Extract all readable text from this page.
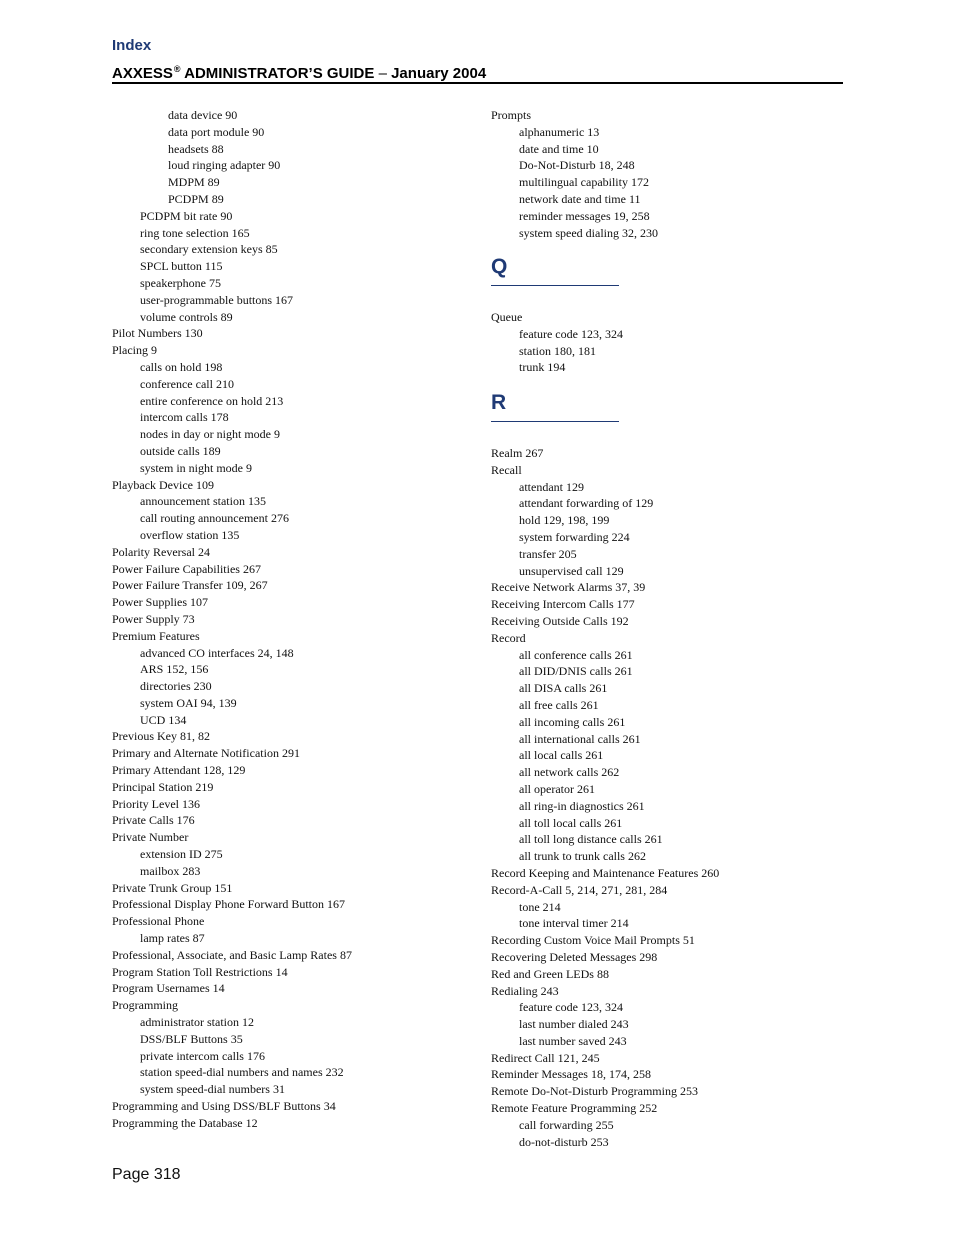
Index
AXXESS® ADMINISTRATOR’S GUIDE – January 2004
data device 90
data port module 90
headsets 88
loud ringing adapter 90
MDPM 89
PCDPM 89
PCDPM bit rate 90
ring tone selection 165
secondary extension keys 85
SPCL button 115
speakerphone 75
user-programmable buttons 167
volume controls 89
Pilot Numbers 130
Placing 9
calls on hold 198
conference call 210
entire conference on hold 213
intercom calls 178
nodes in day or night mode 9
outside calls 189
system in night mode 9
Playback Device 109
announcement station 135
call routing announcement 276
overflow station 135
Polarity Reversal 24
Power Failure Capabilities 267
Power Failure Transfer 109, 267
Power Supplies 107
Power Supply 73
Premium Features
advanced CO interfaces 24, 148
ARS 152, 156
directories 230
system OAI 94, 139
UCD 134
Previous Key 81, 82
Primary and Alternate Notification 291
Primary Attendant 128, 129
Principal Station 219
Priority Level 136
Private Calls 176
Private Number
extension ID 275
mailbox 283
Private Trunk Group 151
Professional Display Phone Forward Button 167
Professional Phone
lamp rates 87
Professional, Associate, and Basic Lamp Rates 87
Program Station Toll Restrictions 14
Program Usernames 14
Programming
administrator station 12
DSS/BLF Buttons 35
private intercom calls 176
station speed-dial numbers and names 232
system speed-dial numbers 31
Programming and Using DSS/BLF Buttons 34
Programming the Database 12
Prompts
alphanumeric 13
date and time 10
Do-Not-Disturb 18, 248
multilingual capability 172
network date and time 11
reminder messages 19, 258
system speed dialing 32, 230
Q
Queue
feature code 123, 324
station 180, 181
trunk 194
R
Realm 267
Recall
attendant 129
attendant forwarding of 129
hold 129, 198, 199
system forwarding 224
transfer 205
unsupervised call 129
Receive Network Alarms 37, 39
Receiving Intercom Calls 177
Receiving Outside Calls 192
Record
all conference calls 261
all DID/DNIS calls 261
all DISA calls 261
all free calls 261
all incoming calls 261
all international calls 261
all local calls 261
all network calls 262
all operator 261
all ring-in diagnostics 261
all toll local calls 261
all toll long distance calls 261
all trunk to trunk calls 262
Record Keeping and Maintenance Features 260
Record-A-Call 5, 214, 271, 281, 284
tone 214
tone interval timer 214
Recording Custom Voice Mail Prompts 51
Recovering Deleted Messages 298
Red and Green LEDs 88
Redialing 243
feature code 123, 324
last number dialed 243
last number saved 243
Redirect Call 121, 245
Reminder Messages 18, 174, 258
Remote Do-Not-Disturb Programming 253
Remote Feature Programming 252
call forwarding 255
do-not-disturb 253
Page 318
